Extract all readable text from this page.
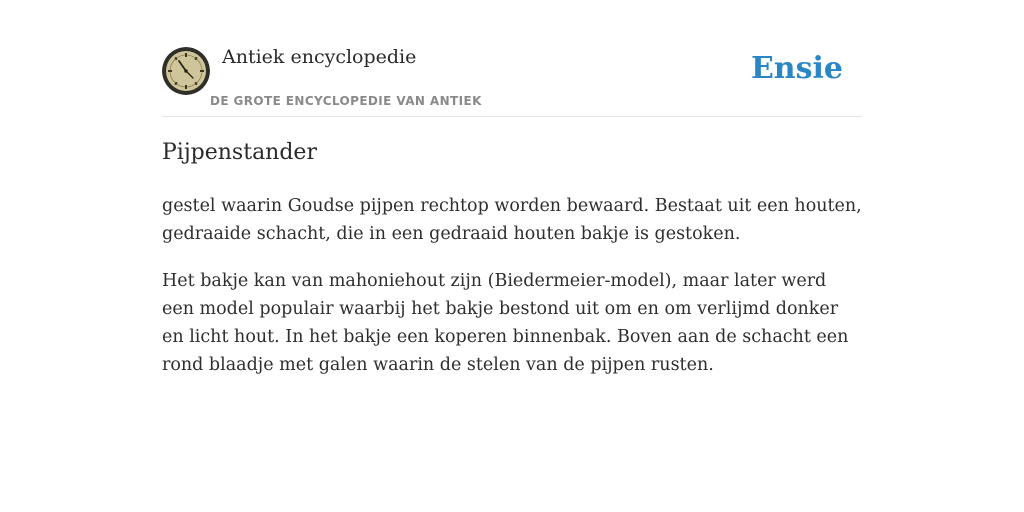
Antiek encyclopedie
DE GROTE ENCYCLOPEDIE VAN ANTIEK
Ensie
Pijpenstander

gestel waarin Goudse pijpen rechtop worden bewaard. Bestaat uit een houten, gedraaide schacht, die in een gedraaid houten bakje is gestoken.

Het bakje kan van mahoniehout zijn (Biedermeier-model), maar later werd een model populair waarbij het bakje bestond uit om en om verlijmd donker en licht hout. In het bakje een koperen binnenbak. Boven aan de schacht een rond blaadje met galen waarin de stelen van de pijpen rusten.
